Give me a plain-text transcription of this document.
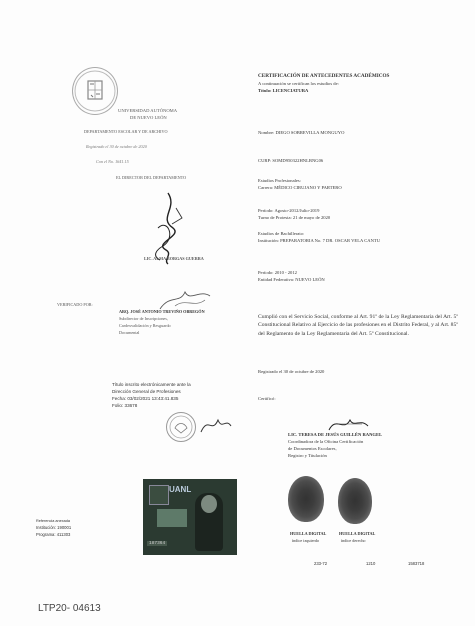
UNIVERSIDAD AUTÓNOMA
DE NUEVO LEÓN
DEPARTAMENTO ESCOLAR Y DE ARCHIVO
Registrado el 30 de octubre de 2020
Con el No. 1641.15
EL DIRECTOR DEL DEPARTAMENTO
LIC. ALMA BORGAS GUERRA
VERIFICADO POR:
ARQ. JOSÉ ANTONIO TREVIÑO OBREGÓN
Subdirector de Inscripciones,
Cardexvalidación y Resguardo
Documental
Título inscrito electrónicamente ante la
Dirección General de Profesiones
Fecha: 03/02/2021 13:43:41.835
Folio: 33678
CERTIFICACIÓN DE ANTECEDENTES ACADÉMICOS
A continuación se certifican los estudios de:
Título: LICENCIATURA
Nombre: DIEGO SOBREVILLA MONGUYO
CURP: SOMD950322HNLBNG06
Estudios Profesionales:
Carrera: MÉDICO CIRUJANO Y PARTERO
Período: Agosto-2012/Julio-2019
Turno de Protesta: 21 de mayo de 2020
Estudios de Bachillerato:
Institución: PREPARATORIA No. 7 DR. OSCAR VELA CANTU
Período: 2010 - 2012
Entidad Federativa: NUEVO LEÓN
Cumplió con el Servicio Social, conforme al Art. 91º de la Ley Reglamentaria del Art. 5º Constitucional Relativo al Ejercicio de las profesiones en el Distrito Federal, y al Art. 85º del Reglamento de la Ley Reglamentaria del Art. 5º Constitucional.
Registrado el 30 de octubre de 2020
Certificó:
LIC. TERESA DE JESÚS GUILLÉN RANGEL
Coordinadora de la Oficina Certificación
de Documentos Escolares,
Registro y Titulación
Referencia anexada
Institución: 190001
Programa: 411303
UANL
187364
HUELLA DIGITAL
índice izquierdo
HUELLA DIGITAL
índice derecho
233-72	1210	1583718
LTP20- 04613
